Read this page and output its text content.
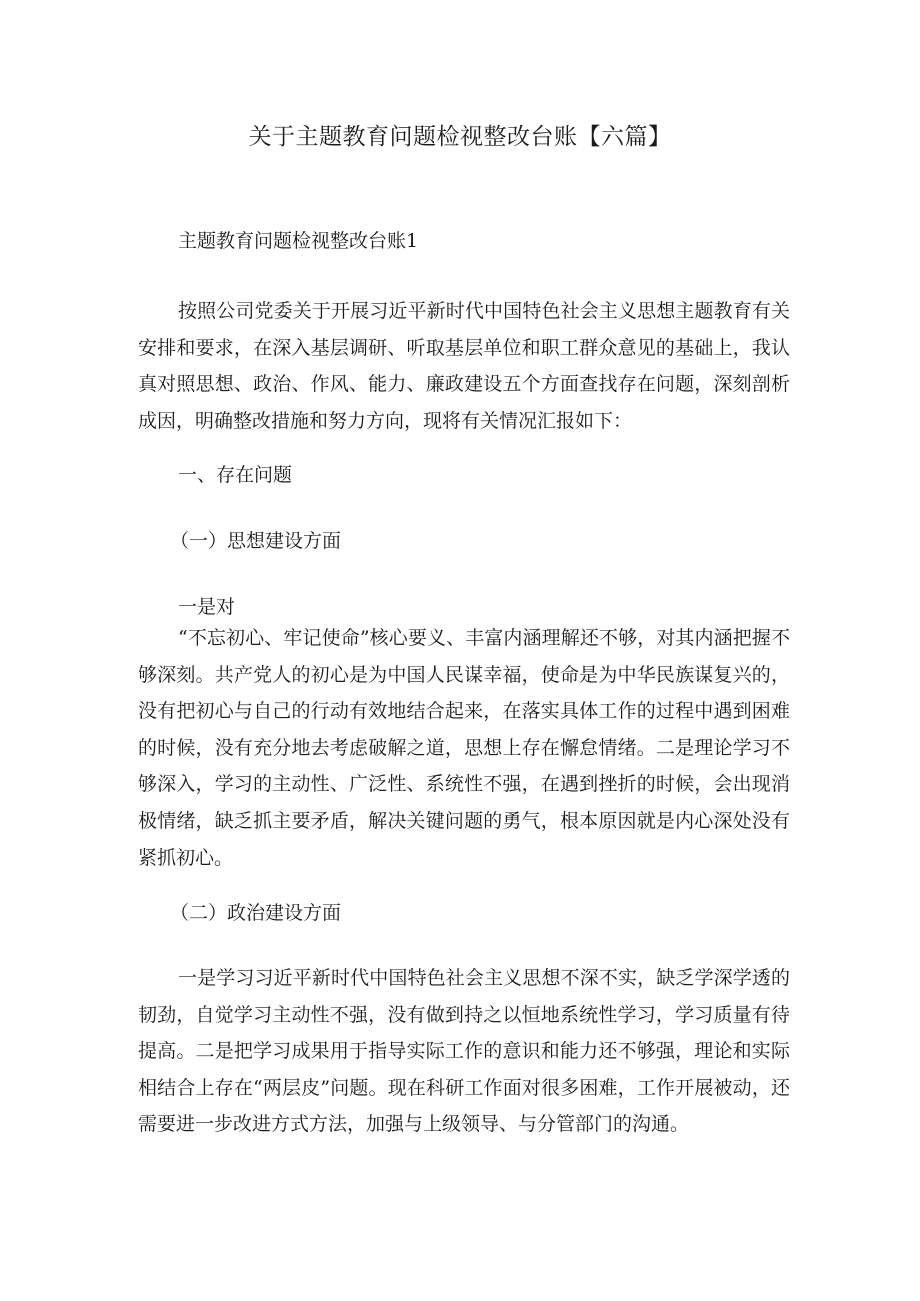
关于主题教育问题检视整改台账【六篇】

主题教育问题检视整改台账1

按照公司党委关于开展习近平新时代中国特色社会主义思想主题教育有关安排和要求，在深入基层调研、听取基层单位和职工群众意见的基础上，我认真对照思想、政治、作风、能力、廉政建设五个方面查找存在问题，深刻剖析成因，明确整改措施和努力方向，现将有关情况汇报如下：

一、存在问题

（一）思想建设方面

一是对

“不忘初心、牢记使命”核心要义、丰富内涵理解还不够，对其内涵把握不够深刻。共产党人的初心是为中国人民谋幸福，使命是为中华民族谋复兴的，没有把初心与自己的行动有效地结合起来，在落实具体工作的过程中遇到困难的时候，没有充分地去考虑破解之道，思想上存在懈怠情绪。二是理论学习不够深入，学习的主动性、广泛性、系统性不强，在遇到挫折的时候，会出现消极情绪，缺乏抓主要矛盾，解决关键问题的勇气，根本原因就是内心深处没有紧抓初心。

（二）政治建设方面

一是学习习近平新时代中国特色社会主义思想不深不实，缺乏学深学透的韧劲，自觉学习主动性不强，没有做到持之以恒地系统性学习，学习质量有待提高。二是把学习成果用于指导实际工作的意识和能力还不够强，理论和实际相结合上存在“两层皮”问题。现在科研工作面对很多困难，工作开展被动，还需要进一步改进方式方法，加强与上级领导、与分管部门的沟通。
